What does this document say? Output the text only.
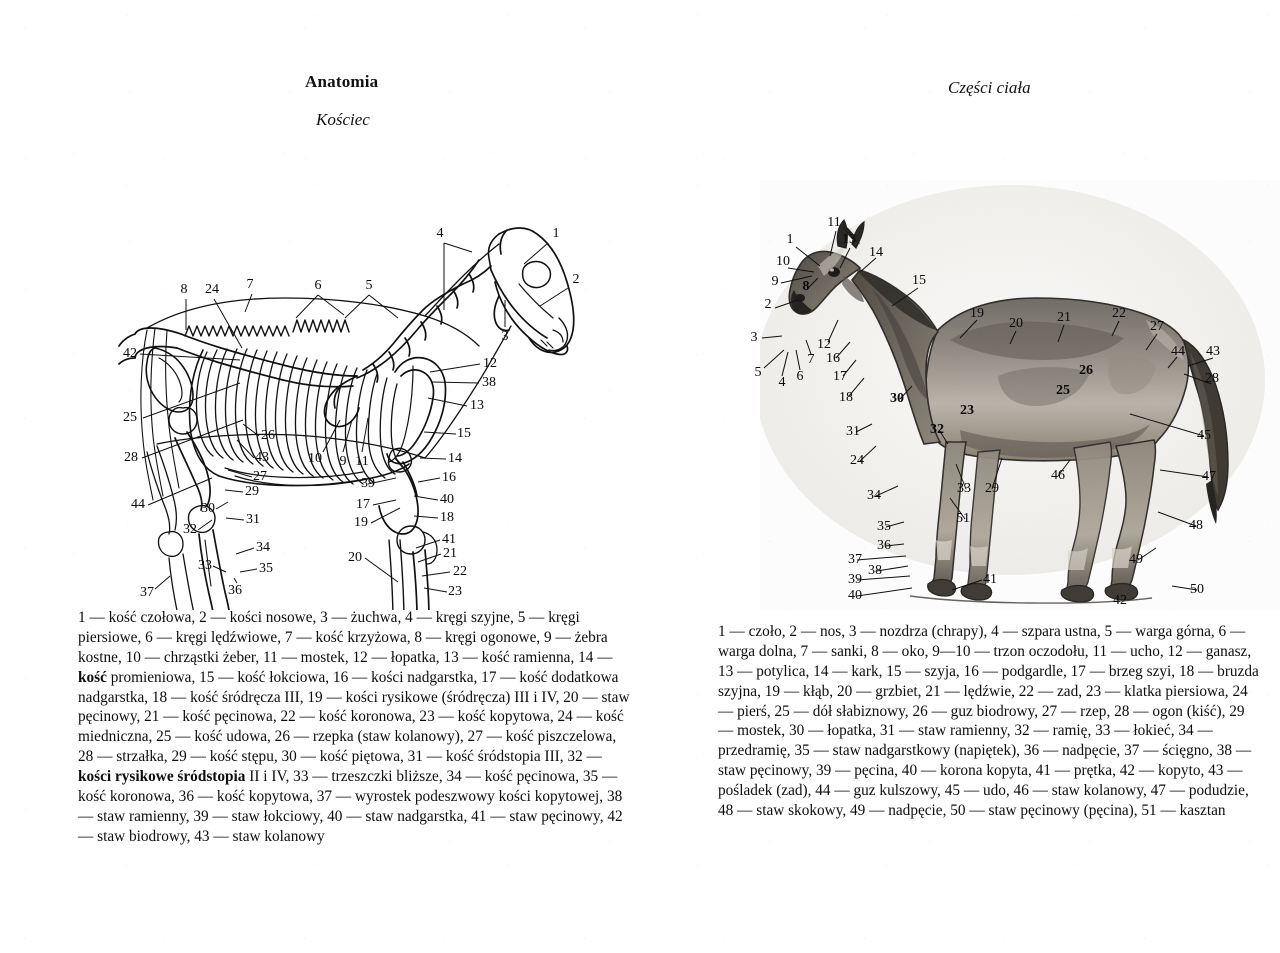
Anatomia
Kościec
1
2
3
4
5
6
7
8
9
10 11
12
13
14
15
16
17
18
19
20	21
22
23
24
25
26
27
28
29
30
31
32
33
34
35
36
37
38
39
40
41
42
43
44
1 — kość czołowa, 2 — kości nosowe, 3 — żuchwa, 4 — kręgi szyjne, 5 — kręgi piersiowe, 6 — kręgi lędźwiowe, 7 — kość krzyżowa, 8 — kręgi ogonowe, 9 — żebra kostne, 10 — chrząstki żeber, 11 — mostek, 12 — łopatka, 13 — kość ramienna, 14 — kość promieniowa, 15 — kość łokciowa, 16 — kości nadgarstka, 17 — kość dodatkowa nadgarstka, 18 — kość śródręcza III, 19 — kości rysikowe (śródręcza) III i IV, 20 — staw pęcinowy, 21 — kość pęcinowa, 22 — kość koronowa, 23 — kość kopytowa, 24 — kość miedniczna, 25 — kość udowa, 26 — rzepka (staw kolanowy), 27 — kość piszczelowa, 28 — strzałka, 29 — kość stępu, 30 — kość piętowa, 31 — kość śródstopia III, 32 — kości rysikowe śródstopia II i IV, 33 — trzeszczki bliższe, 34 — kość pęcinowa, 35 — kość koronowa, 36 — kość kopytowa, 37 — wyrostek podeszwowy kości kopytowej, 38 — staw ramienny, 39 — staw łokciowy, 40 — staw nadgarstka, 41 — staw pęcinowy, 42 — staw biodrowy, 43 — staw kolanowy
Części ciała
1
2
3
4
5	6
7
8
9
10
11
12
13
14
15
16
17
18
19
20 21	22
23
24
25
26
27
28
29
30
31	32
33
34
35
36
37
38
39
40
41
42
43
44
45
46	47
48
49
50
51
1 — czoło, 2 — nos, 3 — nozdrza (chrapy), 4 — szpara ustna, 5 — warga górna, 6 — warga dolna, 7 — sanki, 8 — oko, 9—10 — trzon oczodołu, 11 — ucho, 12 — ganasz, 13 — potylica, 14 — kark, 15 — szyja, 16 — podgardle, 17 — brzeg szyi, 18 — bruzda szyjna, 19 — kłąb, 20 — grzbiet, 21 — lędźwie, 22 — zad, 23 — klatka piersiowa, 24 — pierś, 25 — dół słabiznowy, 26 — guz biodrowy, 27 — rzep, 28 — ogon (kiść), 29 — mostek, 30 — łopatka, 31 — staw ramienny, 32 — ramię, 33 — łokieć, 34 — przedramię, 35 — staw nadgarstkowy (napiętek), 36 — nadpęcie, 37 — ścięgno, 38 — staw pęcinowy, 39 — pęcina, 40 — korona kopyta, 41 — prętka, 42 — kopyto, 43 — pośladek (zad), 44 — guz kulszowy, 45 — udo, 46 — staw kolanowy, 47 — podudzie, 48 — staw skokowy, 49 — nadpęcie, 50 — staw pęcinowy (pęcina), 51 — kasztan
